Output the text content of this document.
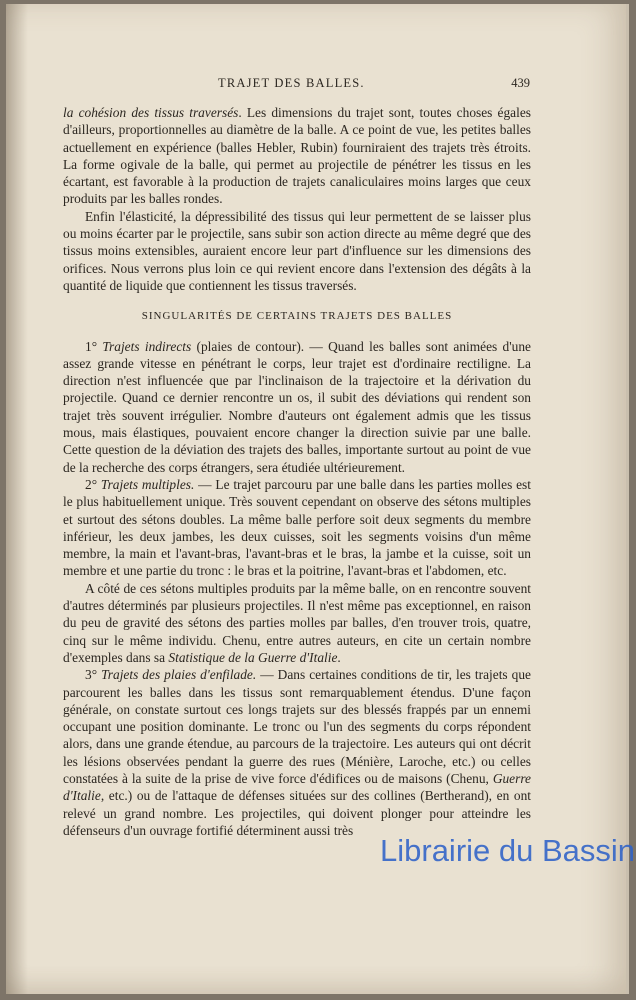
TRAJET DES BALLES.	439

la cohésion des tissus traversés. Les dimensions du trajet sont, toutes choses égales d'ailleurs, proportionnelles au diamètre de la balle. A ce point de vue, les petites balles actuellement en expérience (balles Hebler, Rubin) fourniraient des trajets très étroits. La forme ogivale de la balle, qui permet au projectile de pénétrer les tissus en les écartant, est favorable à la production de trajets canaliculaires moins larges que ceux produits par les balles rondes.

Enfin l'élasticité, la dépressibilité des tissus qui leur permettent de se laisser plus ou moins écarter par le projectile, sans subir son action directe au même degré que des tissus moins extensibles, auraient encore leur part d'influence sur les dimensions des orifices. Nous verrons plus loin ce qui revient encore dans l'extension des dégâts à la quantité de liquide que contiennent les tissus traversés.

SINGULARITÉS DE CERTAINS TRAJETS DES BALLES

1° Trajets indirects (plaies de contour). — Quand les balles sont animées d'une assez grande vitesse en pénétrant le corps, leur trajet est d'ordinaire rectiligne. La direction n'est influencée que par l'inclinaison de la trajectoire et la dérivation du projectile. Quand ce dernier rencontre un os, il subit des déviations qui rendent son trajet très souvent irrégulier. Nombre d'auteurs ont également admis que les tissus mous, mais élastiques, pouvaient encore changer la direction suivie par une balle. Cette question de la déviation des trajets des balles, importante surtout au point de vue de la recherche des corps étrangers, sera étudiée ultérieurement.

2° Trajets multiples. — Le trajet parcouru par une balle dans les parties molles est le plus habituellement unique. Très souvent cependant on observe des sétons multiples et surtout des sétons doubles. La même balle perfore soit deux segments du membre inférieur, les deux jambes, les deux cuisses, soit les segments voisins d'un même membre, la main et l'avant-bras, l'avant-bras et le bras, la jambe et la cuisse, soit un membre et une partie du tronc : le bras et la poitrine, l'avant-bras et l'abdomen, etc.

A côté de ces sétons multiples produits par la même balle, on en rencontre souvent d'autres déterminés par plusieurs projectiles. Il n'est même pas exceptionnel, en raison du peu de gravité des sétons des parties molles par balles, d'en trouver trois, quatre, cinq sur le même individu. Chenu, entre autres auteurs, en cite un certain nombre d'exemples dans sa Statistique de la Guerre d'Italie.

3° Trajets des plaies d'enfilade. — Dans certaines conditions de tir, les trajets que parcourent les balles dans les tissus sont remarquablement étendus. D'une façon générale, on constate surtout ces longs trajets sur des blessés frappés par un ennemi occupant une position dominante. Le tronc ou l'un des segments du corps répondent alors, dans une grande étendue, au parcours de la trajectoire. Les auteurs qui ont décrit les lésions observées pendant la guerre des rues (Ménière, Laroche, etc.) ou celles constatées à la suite de la prise de vive force d'édifices ou de maisons (Chenu, Guerre d'Italie, etc.) ou de l'attaque de défenses situées sur des collines (Bertherand), en ont relevé un grand nombre. Les projectiles, qui doivent plonger pour atteindre les défenseurs d'un ouvrage fortifié déterminent aussi très

Librairie du Bassin
